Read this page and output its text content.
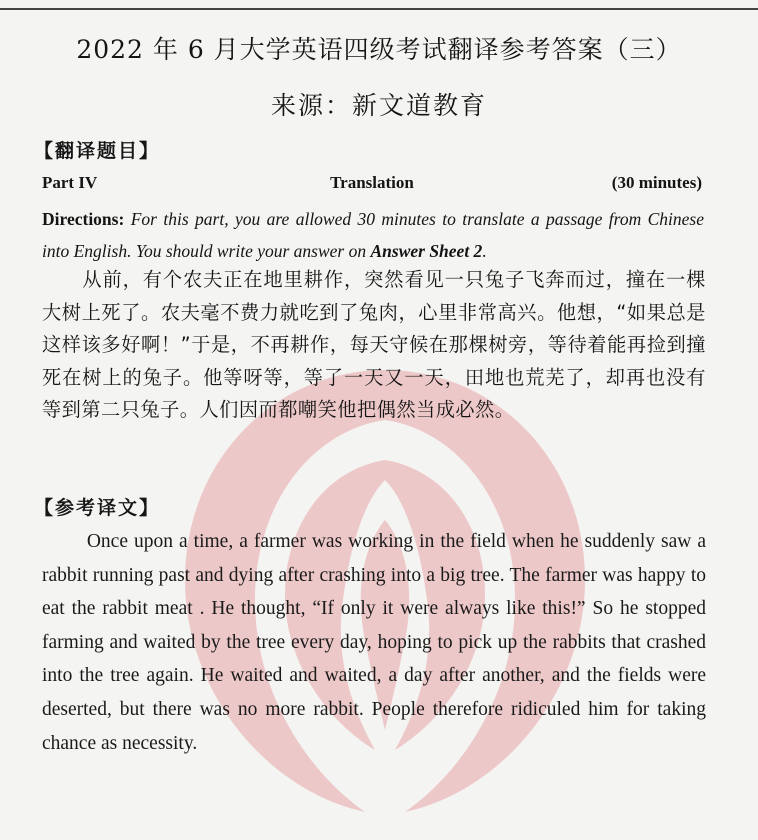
2022 年 6 月大学英语四级考试翻译参考答案（三）
来源：新文道教育
【翻译题目】
Part IV	Translation	(30 minutes)
Directions: For this part, you are allowed 30 minutes to translate a passage from Chinese into English. You should write your answer on Answer Sheet 2.
从前，有个农夫正在地里耕作，突然看见一只兔子飞奔而过，撞在一棵大树上死了。农夫毫不费力就吃到了兔肉，心里非常高兴。他想，“如果总是这样该多好啊！”于是，不再耕作，每天守候在那棵树旁，等待着能再捡到撞死在树上的兔子。他等呀等，等了一天又一天，田地也荒芜了，却再也没有等到第二只兔子。人们因而都嘲笑他把偶然当成必然。
【参考译文】
Once upon a time, a farmer was working in the field when he suddenly saw a rabbit running past and dying after crashing into a big tree. The farmer was happy to eat the rabbit meat . He thought, “If only it were always like this!” So he stopped farming and waited by the tree every day, hoping to pick up the rabbits that crashed into the tree again. He waited and waited, a day after another, and the fields were deserted, but there was no more rabbit. People therefore ridiculed him for taking chance as necessity.
